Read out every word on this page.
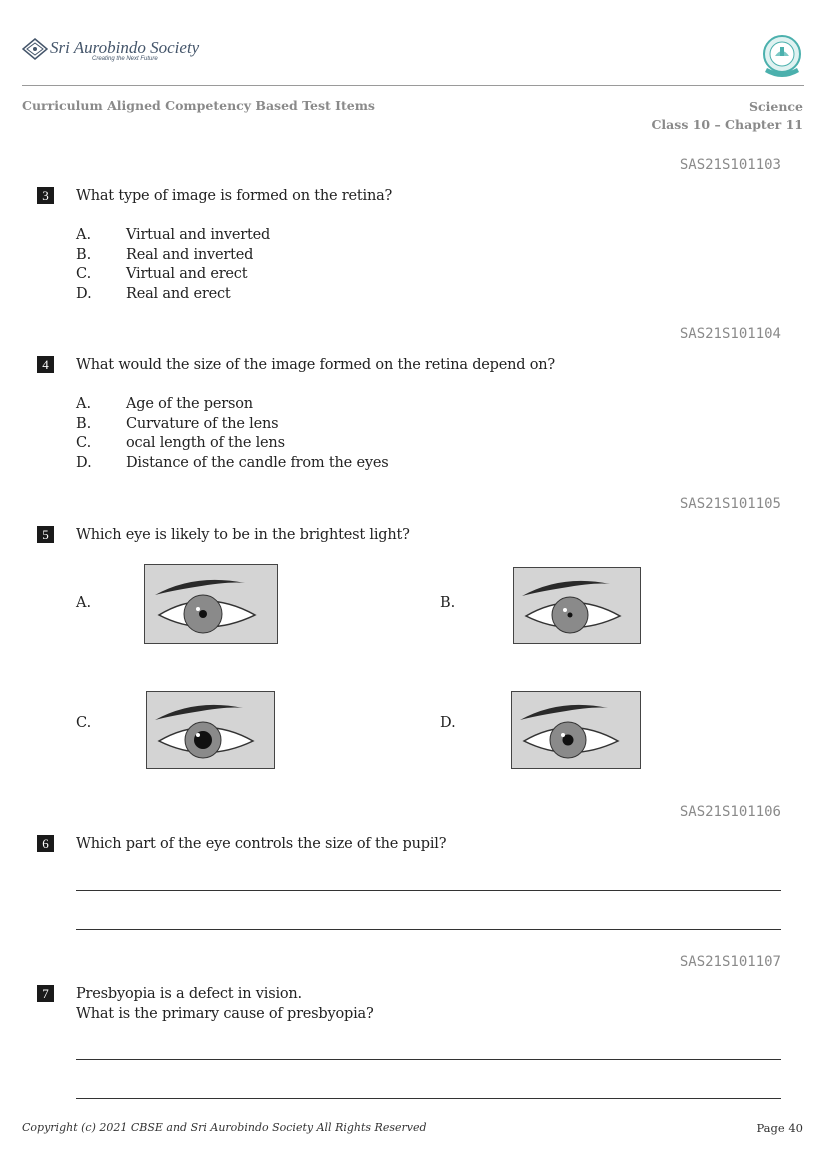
Sri Aurobindo Society
Creating the Next Future
Curriculum Aligned Competency Based Test Items	Science
Class 10 – Chapter 11
SAS21S101103
3	What type of image is formed on the retina?
A. Virtual and inverted
B. Real and inverted
C. Virtual and erect
D. Real and erect
SAS21S101104
4	What would the size of the image formed on the retina depend on?
A. Age of the person
B. Curvature of the lens
C. ocal length of the lens
D. Distance of the candle from the eyes
SAS21S101105
5	Which eye is likely to be in the brightest light?
A.	B.
C.	D.
SAS21S101106
6	Which part of the eye controls the size of the pupil?
SAS21S101107
7	Presbyopia is a defect in vision.
What is the primary cause of presbyopia?
Copyright (c) 2021 CBSE and Sri Aurobindo Society All Rights Reserved	Page 40
